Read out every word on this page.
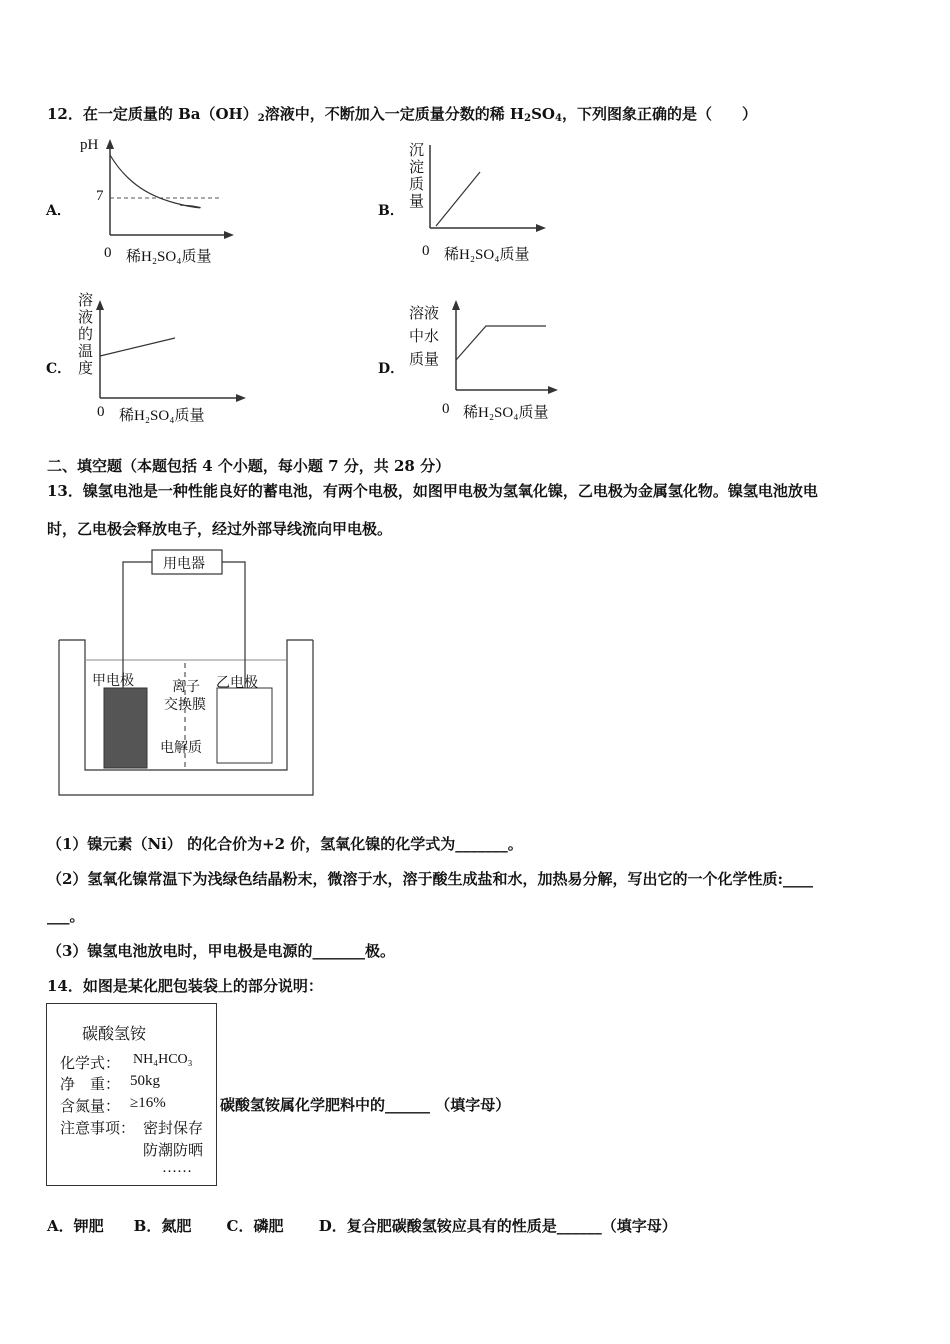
12．在一定质量的 $Ba(OH)_2$溶液中，不断加入一定质量分数的稀 $H_2SO_4$，下列图象正确的是（　　）
A．	B．
C．	D．
pH
7
0 稀H₂SO₄质量
沉淀质量
0 稀H₂SO₄质量
溶液的温度
0 稀H₂SO₄质量
溶液
中水
质量
0 稀H₂SO₄质量
二、填空题（本题包括 4 个小题，每小题 7 分，共 28 分）
13．镍氢电池是一种性能良好的蓄电池，有两个电极，如图甲电极为氢氧化镍，乙电极为金属氢化物。镍氢电池放电
时，乙电极会释放电子，经过外部导线流向甲电极。
用电器
甲电极	乙电极
离子
交换膜
电解质
（1）镍元素（Ni） 的化合价为+2 价，氢氧化镍的化学式为_______。
（2）氢氧化镍常温下为浅绿色结晶粉末，微溶于水，溶于酸生成盐和水，加热易分解，写出它的一个化学性质:____
___。
（3）镍氢电池放电时，甲电极是电源的_______极。
14．如图是某化肥包装袋上的部分说明：
碳酸氢铵
化学式： NH₄HCO₃
净　重： 50kg
含氮量： ≥16%
注意事项： 密封保存
防潮防晒
……
碳酸氢铵属化学肥料中的______ （填字母）
A．钾肥　　B．氮肥　　 C．磷肥　　 D．复合肥碳酸氢铵应具有的性质是______（填字母）
